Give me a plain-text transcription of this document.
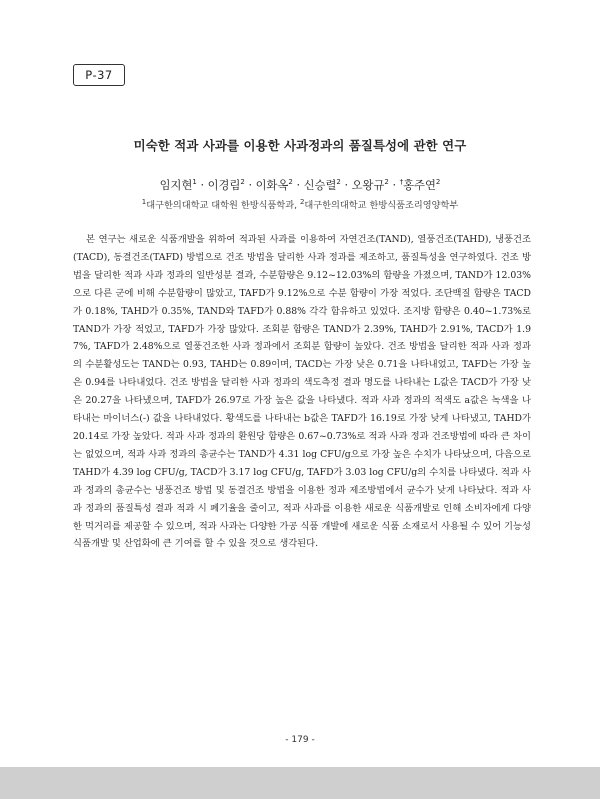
P-37
미숙한 적과 사과를 이용한 사과정과의 품질특성에 관한 연구
임지현$^1$ · 이경림$^2$ · 이화옥$^2$ · 신승렬$^2$ · 오왕규$^2$ · †홍주연$^2$
$^1$대구한의대학교 대학원 한방식품학과, $^2$대구한의대학교 한방식품조리영양학부

본 연구는 새로운 식품개발을 위하여 적과된 사과를 이용하여 자연건조(TAND), 열풍건조(TAHD), 냉풍건조(TACD), 동결건조(TAFD) 방법으로 건조 방법을 달리한 사과 정과를 제조하고, 품질특성을 연구하였다. 건조 방법을 달리한 적과 사과 정과의 일반성분 결과, 수분함량은 9.12~12.03%의 함량을 가졌으며, TAND가 12.03%으로 다른 군에 비해 수분함량이 많았고, TAFD가 9.12%으로 수분 함량이 가장 적었다. 조단백질 함량은 TACD가 0.18%, TAHD가 0.35%, TAND와 TAFD가 0.88% 각각 함유하고 있었다. 조지방 함량은 0.40~1.73%로 TAND가 가장 적었고, TAFD가 가장 많았다. 조회분 함량은 TAND가 2.39%, TAHD가 2.91%, TACD가 1.97%, TAFD가 2.48%으로 열풍건조한 사과 정과에서 조회분 함량이 높았다. 건조 방법을 달리한 적과 사과 정과의 수분활성도는 TAND는 0.93, TAHD는 0.89이며, TACD는 가장 낮은 0.71을 나타내었고, TAFD는 가장 높은 0.94를 나타내었다. 건조 방법을 달리한 사과 정과의 색도측정 결과 명도를 나타내는 L값은 TACD가 가장 낮은 20.27을 나타냈으며, TAFD가 26.97로 가장 높은 값을 나타냈다. 적과 사과 정과의 적색도 a값은 녹색을 나타내는 마이너스(-) 값을 나타내었다. 황색도를 나타내는 b값은 TAFD가 16.19로 가장 낮게 나타냈고, TAHD가 20.14로 가장 높았다. 적과 사과 정과의 환원당 함량은 0.67~0.73%로 적과 사과 정과 건조방법에 따라 큰 차이는 없었으며, 적과 사과 정과의 총균수는 TAND가 4.31 log CFU/g으로 가장 높은 수치가 나타났으며, 다음으로 TAHD가 4.39 log CFU/g, TACD가 3.17 log CFU/g, TAFD가 3.03 log CFU/g의 수치를 나타냈다. 적과 사과 정과의 총균수는 냉풍건조 방법 및 동결건조 방법을 이용한 정과 제조방법에서 균수가 낮게 나타났다. 적과 사과 정과의 품질특성 결과 적과 시 폐기율을 줄이고, 적과 사과를 이용한 새로운 식품개발로 인해 소비자에게 다양한 먹거리를 제공할 수 있으며, 적과 사과는 다양한 가공 식품 개발에 새로운 식품 소재로서 사용될 수 있어 기능성 식품개발 및 산업화에 큰 기여를 할 수 있을 것으로 생각된다.

- 179 -
